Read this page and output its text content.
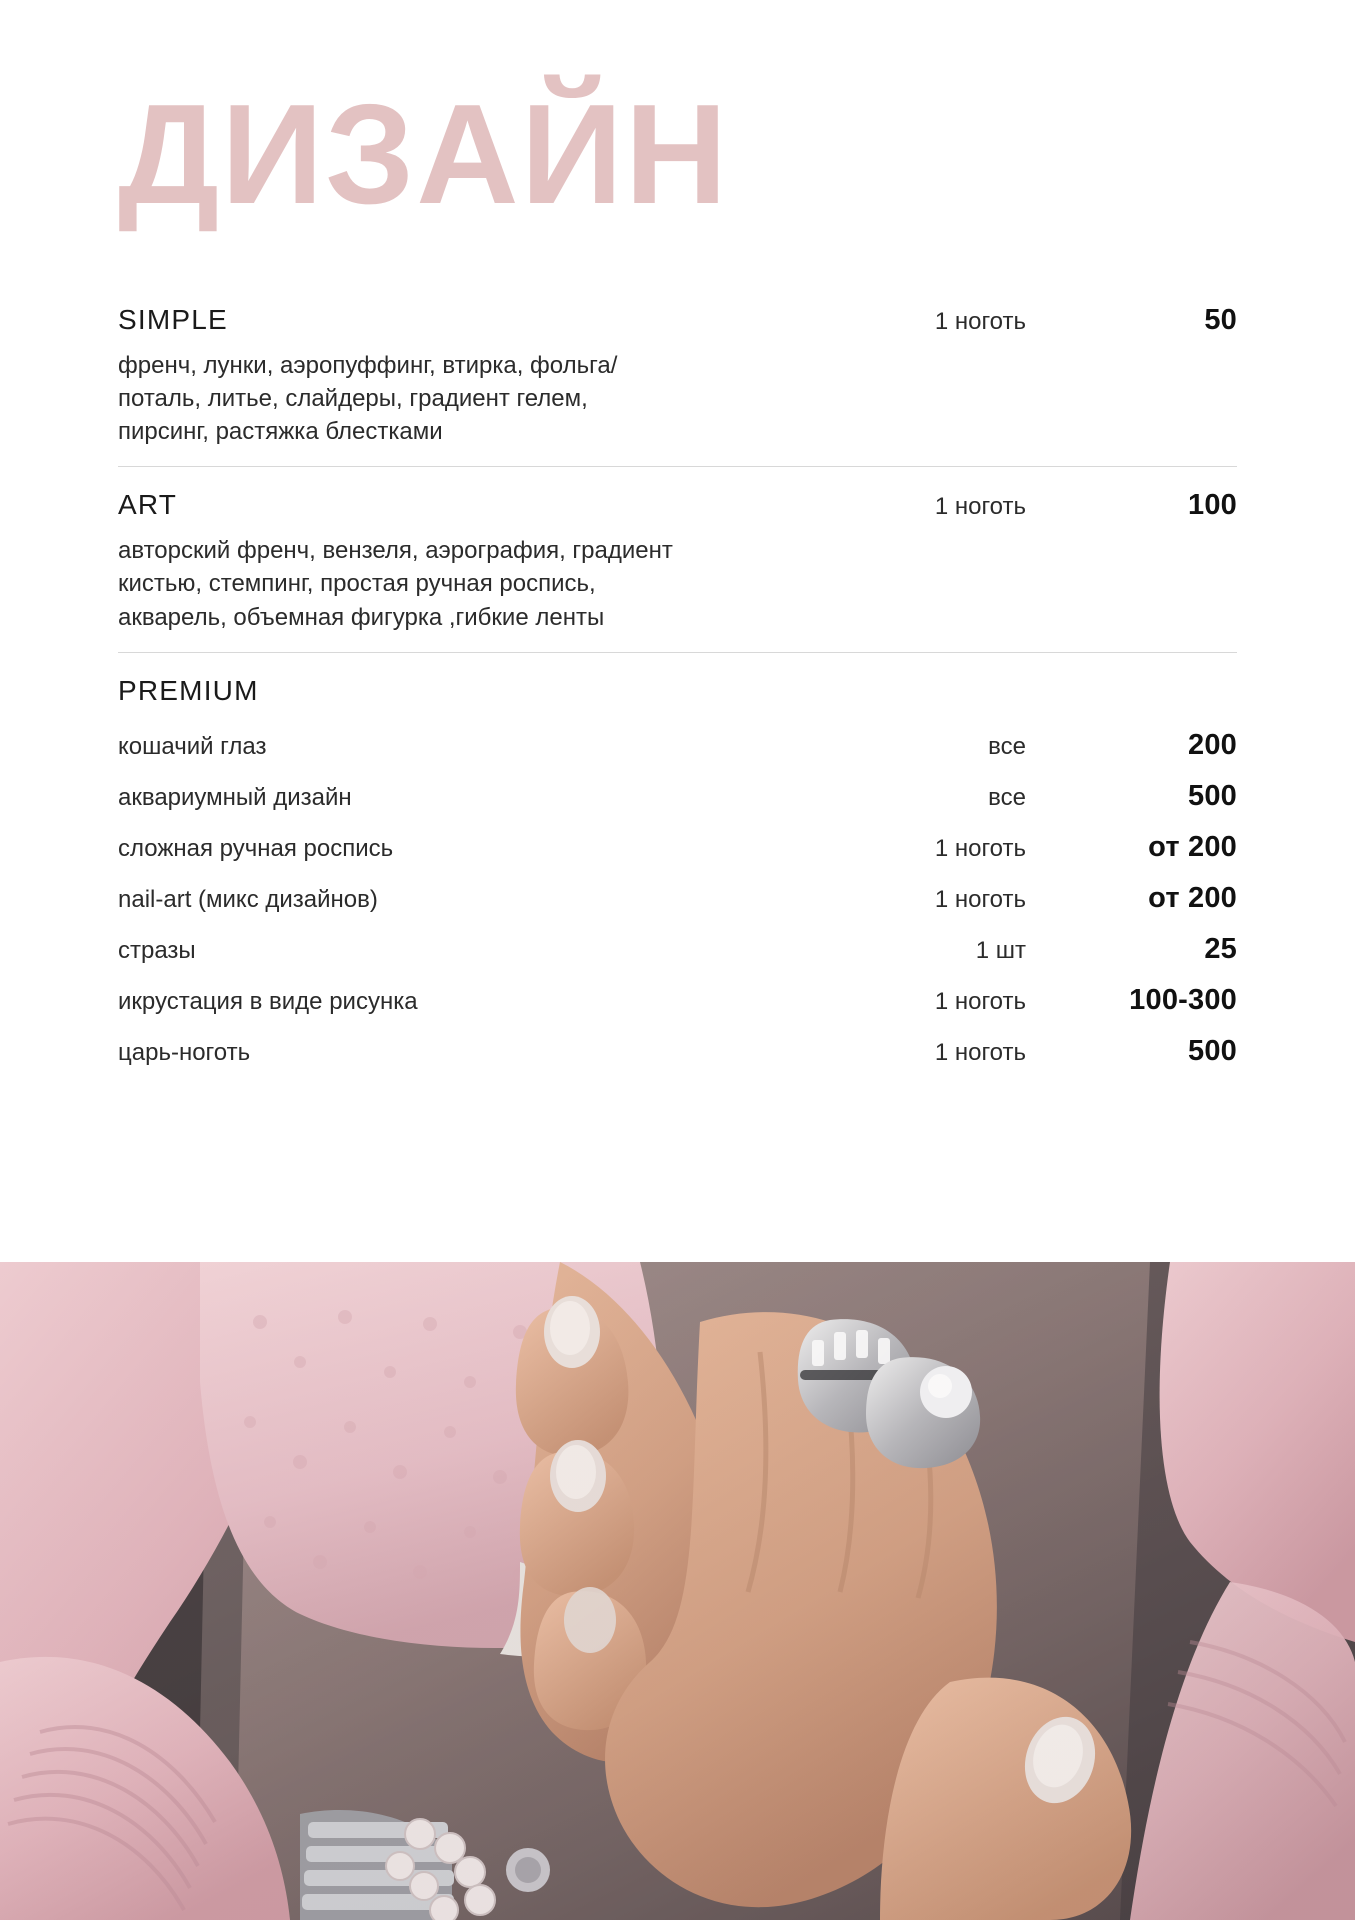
ДИЗАЙН
SIMPLE	1 ноготь	50
френч, лунки, аэропуффинг, втирка, фольга/
поталь, литье, слайдеры, градиент гелем,
пирсинг, растяжка блестками
ART	1 ноготь	100
авторский френч, вензеля, аэрография, градиент
кистью, стемпинг, простая ручная роспись,
акварель, объемная фигурка ,гибкие ленты
PREMIUM
кошачий глаз	все	200
аквариумный дизайн	все	500
сложная ручная роспись	1 ноготь	от 200
nail-art (микс дизайнов)	1 ноготь	от 200
стразы	1 шт	25
икрустация в виде рисунка	1 ноготь	100-300
царь-ноготь	1 ноготь	500
